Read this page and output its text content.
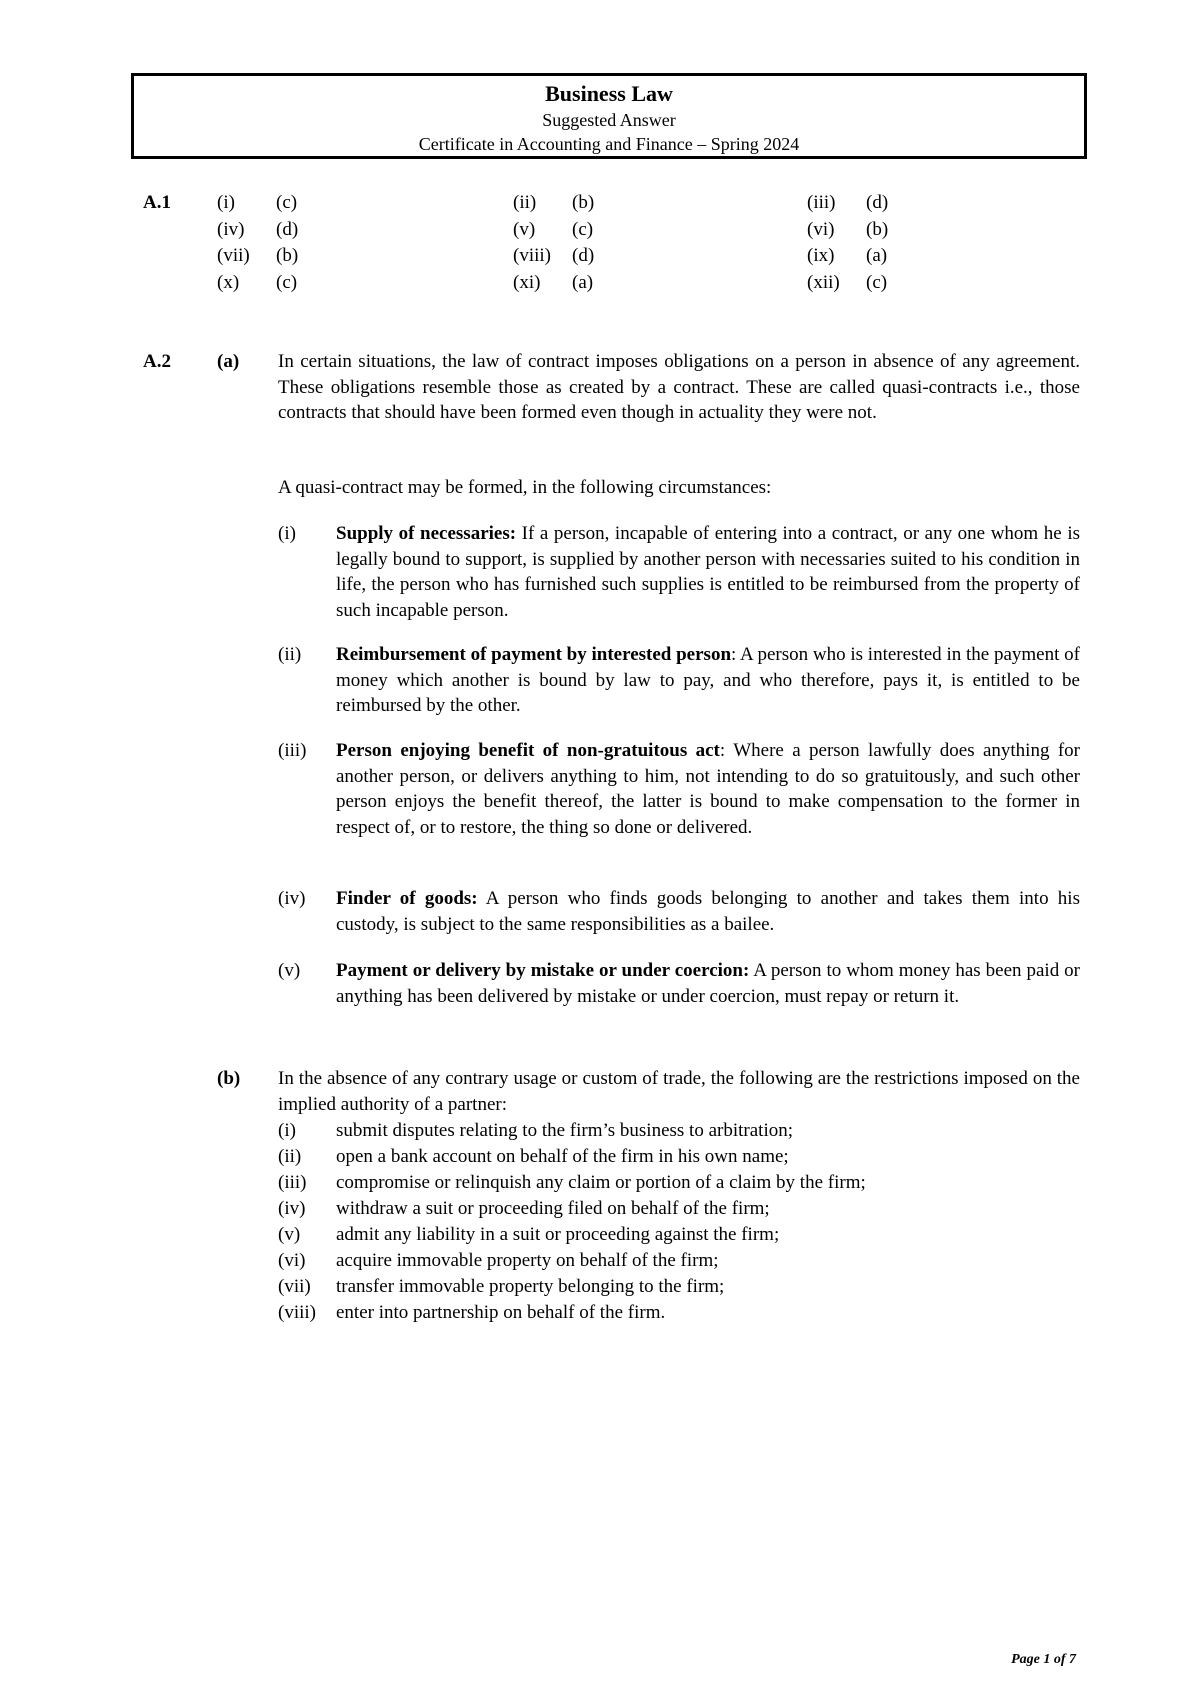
Business Law
Suggested Answer
Certificate in Accounting and Finance – Spring 2024
A.1 (i) (c)	(ii) (b)	(iii) (d)
(iv) (d)	(v) (c)	(vi) (b)
(vii) (b)	(viii) (d)	(ix) (a)
(x) (c)	(xi) (a)	(xii) (c)
A.2 (a) In certain situations, the law of contract imposes obligations on a person in absence of any agreement. These obligations resemble those as created by a contract. These are called quasi-contracts i.e., those contracts that should have been formed even though in actuality they were not.
A quasi-contract may be formed, in the following circumstances:
(i) Supply of necessaries: If a person, incapable of entering into a contract, or any one whom he is legally bound to support, is supplied by another person with necessaries suited to his condition in life, the person who has furnished such supplies is entitled to be reimbursed from the property of such incapable person.
(ii) Reimbursement of payment by interested person: A person who is interested in the payment of money which another is bound by law to pay, and who therefore, pays it, is entitled to be reimbursed by the other.
(iii) Person enjoying benefit of non-gratuitous act: Where a person lawfully does anything for another person, or delivers anything to him, not intending to do so gratuitously, and such other person enjoys the benefit thereof, the latter is bound to make compensation to the former in respect of, or to restore, the thing so done or delivered.
(iv) Finder of goods: A person who finds goods belonging to another and takes them into his custody, is subject to the same responsibilities as a bailee.
(v) Payment or delivery by mistake or under coercion: A person to whom money has been paid or anything has been delivered by mistake or under coercion, must repay or return it.
(b) In the absence of any contrary usage or custom of trade, the following are the restrictions imposed on the implied authority of a partner:
(i) submit disputes relating to the firm’s business to arbitration;
(ii) open a bank account on behalf of the firm in his own name;
(iii) compromise or relinquish any claim or portion of a claim by the firm;
(iv) withdraw a suit or proceeding filed on behalf of the firm;
(v) admit any liability in a suit or proceeding against the firm;
(vi) acquire immovable property on behalf of the firm;
(vii) transfer immovable property belonging to the firm;
(viii) enter into partnership on behalf of the firm.
Page 1 of 7
